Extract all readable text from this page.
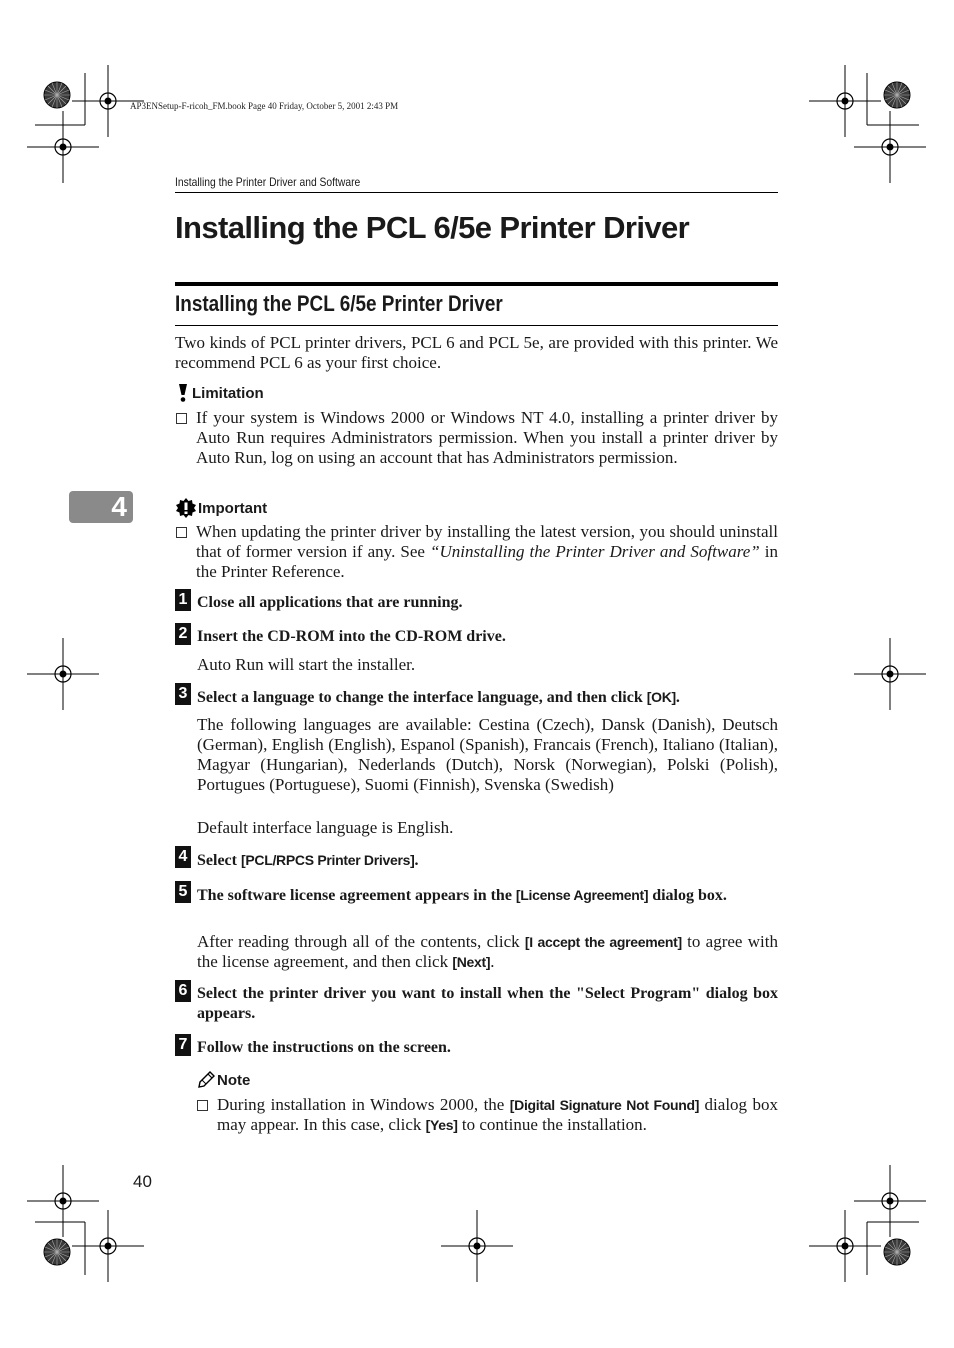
AP3ENSetup-F-ricoh_FM.book Page 40 Friday, October 5, 2001 2:43 PM
Installing the Printer Driver and Software
Installing the PCL 6/5e Printer Driver
Installing the PCL 6/5e Printer Driver

Two kinds of PCL printer drivers, PCL 6 and PCL 5e, are provided with this printer. We recommend PCL 6 as your first choice.

Limitation
If your system is Windows 2000 or Windows NT 4.0, installing a printer driver by Auto Run requires Administrators permission. When you install a printer driver by Auto Run, log on using an account that has Administrators permission.
4	Important
When updating the printer driver by installing the latest version, you should uninstall that of former version if any. See “Uninstalling the Printer Driver and Software” in the Printer Reference.
1 Close all applications that are running.
2 Insert the CD-ROM into the CD-ROM drive.

Auto Run will start the installer.

3 Select a language to change the interface language, and then click [OK].

The following languages are available: Cestina (Czech), Dansk (Danish), Deutsch (German), English (English), Espanol (Spanish), Francais (French), Italiano (Italian), Magyar (Hungarian), Nederlands (Dutch), Norsk (Norwegian), Polski (Polish), Portugues (Portuguese), Suomi (Finnish), Svenska (Swedish)

Default interface language is English.

4 Select [PCL/RPCS Printer Drivers].
5 The software license agreement appears in the [License Agreement] dialog box.

After reading through all of the contents, click [I accept the agreement] to agree with the license agreement, and then click [Next].

6 Select the printer driver you want to install when the "Select Program" dialog box appears.
7 Follow the instructions on the screen.
Note
During installation in Windows 2000, the [Digital Signature Not Found] dialog box may appear. In this case, click [Yes] to continue the installation.
40
